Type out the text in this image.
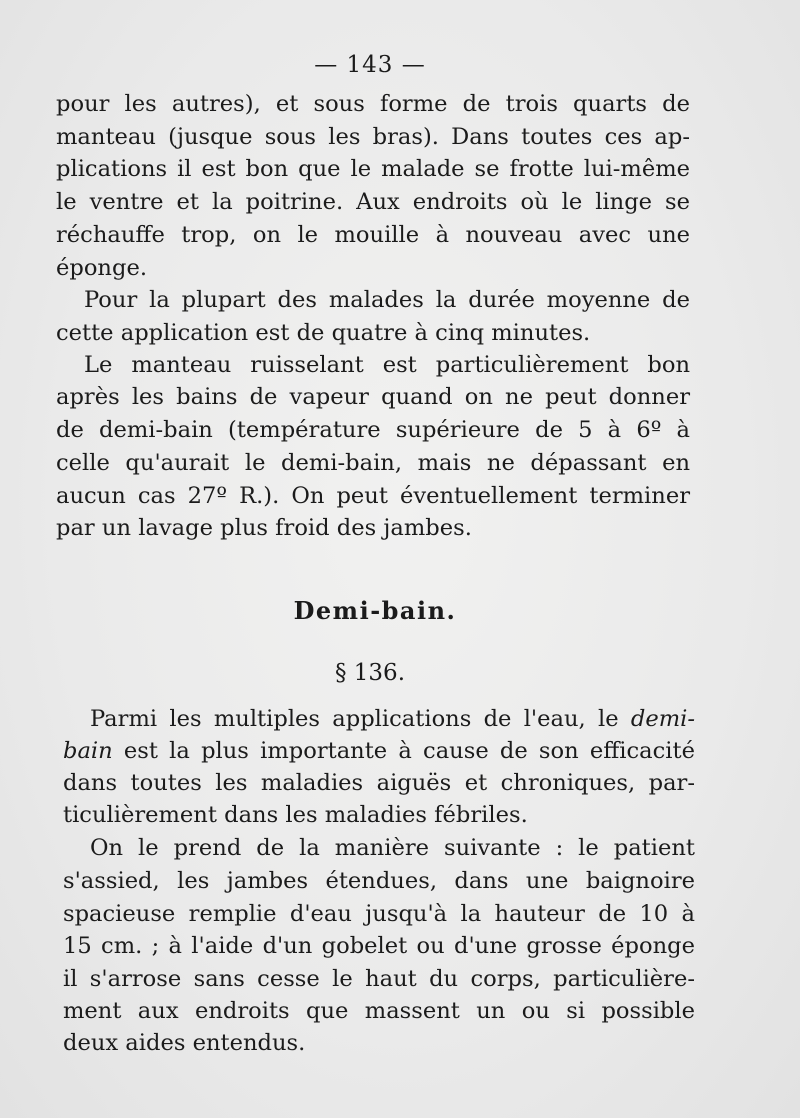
— 143 —
pour les autres), et sous forme de trois quarts de
manteau (jusque sous les bras). Dans toutes ces ap-
plications il est bon que le malade se frotte lui-même
le ventre et la poitrine. Aux endroits où le linge se
réchauffe trop, on le mouille à nouveau avec une
éponge.
Pour la plupart des malades la durée moyenne de
cette application est de quatre à cinq minutes.
Le manteau ruisselant est particulièrement bon
après les bains de vapeur quand on ne peut donner
de demi-bain (température supérieure de 5 à 6º à
celle qu'aurait le demi-bain, mais ne dépassant en
aucun cas 27º R.). On peut éventuellement terminer
par un lavage plus froid des jambes.
Demi-bain.
§ 136.
Parmi les multiples applications de l'eau, le demi-
bain est la plus importante à cause de son efficacité
dans toutes les maladies aiguës et chroniques, par-
ticulièrement dans les maladies fébriles.
On le prend de la manière suivante : le patient
s'assied, les jambes étendues, dans une baignoire
spacieuse remplie d'eau jusqu'à la hauteur de 10 à
15 cm. ; à l'aide d'un gobelet ou d'une grosse éponge
il s'arrose sans cesse le haut du corps, particulière-
ment aux endroits que massent un ou si possible
deux aides entendus.
